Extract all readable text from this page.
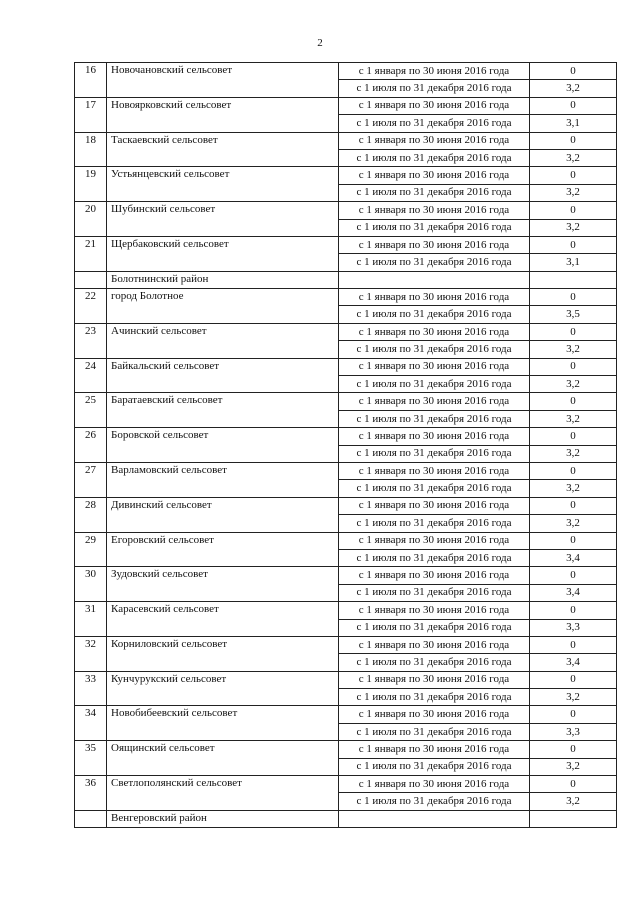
2
16	Новочановский сельсовет	с 1 января по 30 июня 2016 года	0
		с 1 июля по 31 декабря 2016 года	3,2
17	Новоярковский сельсовет	с 1 января по 30 июня 2016 года	0
		с 1 июля по 31 декабря 2016 года	3,1
18	Таскаевский сельсовет	с 1 января по 30 июня 2016 года	0
		с 1 июля по 31 декабря 2016 года	3,2
19	Устьянцевский сельсовет	с 1 января по 30 июня 2016 года	0
		с 1 июля по 31 декабря 2016 года	3,2
20	Шубинский сельсовет	с 1 января по 30 июня 2016 года	0
		с 1 июля по 31 декабря 2016 года	3,2
21	Щербаковский сельсовет	с 1 января по 30 июня 2016 года	0
		с 1 июля по 31 декабря 2016 года	3,1
	Болотнинский район		
22	город Болотное	с 1 января по 30 июня 2016 года	0
		с 1 июля по 31 декабря 2016 года	3,5
23	Ачинский сельсовет	с 1 января по 30 июня 2016 года	0
		с 1 июля по 31 декабря 2016 года	3,2
24	Байкальский сельсовет	с 1 января по 30 июня 2016 года	0
		с 1 июля по 31 декабря 2016 года	3,2
25	Баратаевский сельсовет	с 1 января по 30 июня 2016 года	0
		с 1 июля по 31 декабря 2016 года	3,2
26	Боровской сельсовет	с 1 января по 30 июня 2016 года	0
		с 1 июля по 31 декабря 2016 года	3,2
27	Варламовский сельсовет	с 1 января по 30 июня 2016 года	0
		с 1 июля по 31 декабря 2016 года	3,2
28	Дивинский сельсовет	с 1 января по 30 июня 2016 года	0
		с 1 июля по 31 декабря 2016 года	3,2
29	Егоровский сельсовет	с 1 января по 30 июня 2016 года	0
		с 1 июля по 31 декабря 2016 года	3,4
30	Зудовский сельсовет	с 1 января по 30 июня 2016 года	0
		с 1 июля по 31 декабря 2016 года	3,4
31	Карасевский сельсовет	с 1 января по 30 июня 2016 года	0
		с 1 июля по 31 декабря 2016 года	3,3
32	Корниловский сельсовет	с 1 января по 30 июня 2016 года	0
		с 1 июля по 31 декабря 2016 года	3,4
33	Кунчурукский сельсовет	с 1 января по 30 июня 2016 года	0
		с 1 июля по 31 декабря 2016 года	3,2
34	Новобибеевский сельсовет	с 1 января по 30 июня 2016 года	0
		с 1 июля по 31 декабря 2016 года	3,3
35	Оящинский сельсовет	с 1 января по 30 июня 2016 года	0
		с 1 июля по 31 декабря 2016 года	3,2
36	Светлополянский сельсовет	с 1 января по 30 июня 2016 года	0
		с 1 июля по 31 декабря 2016 года	3,2
	Венгеровский район		
